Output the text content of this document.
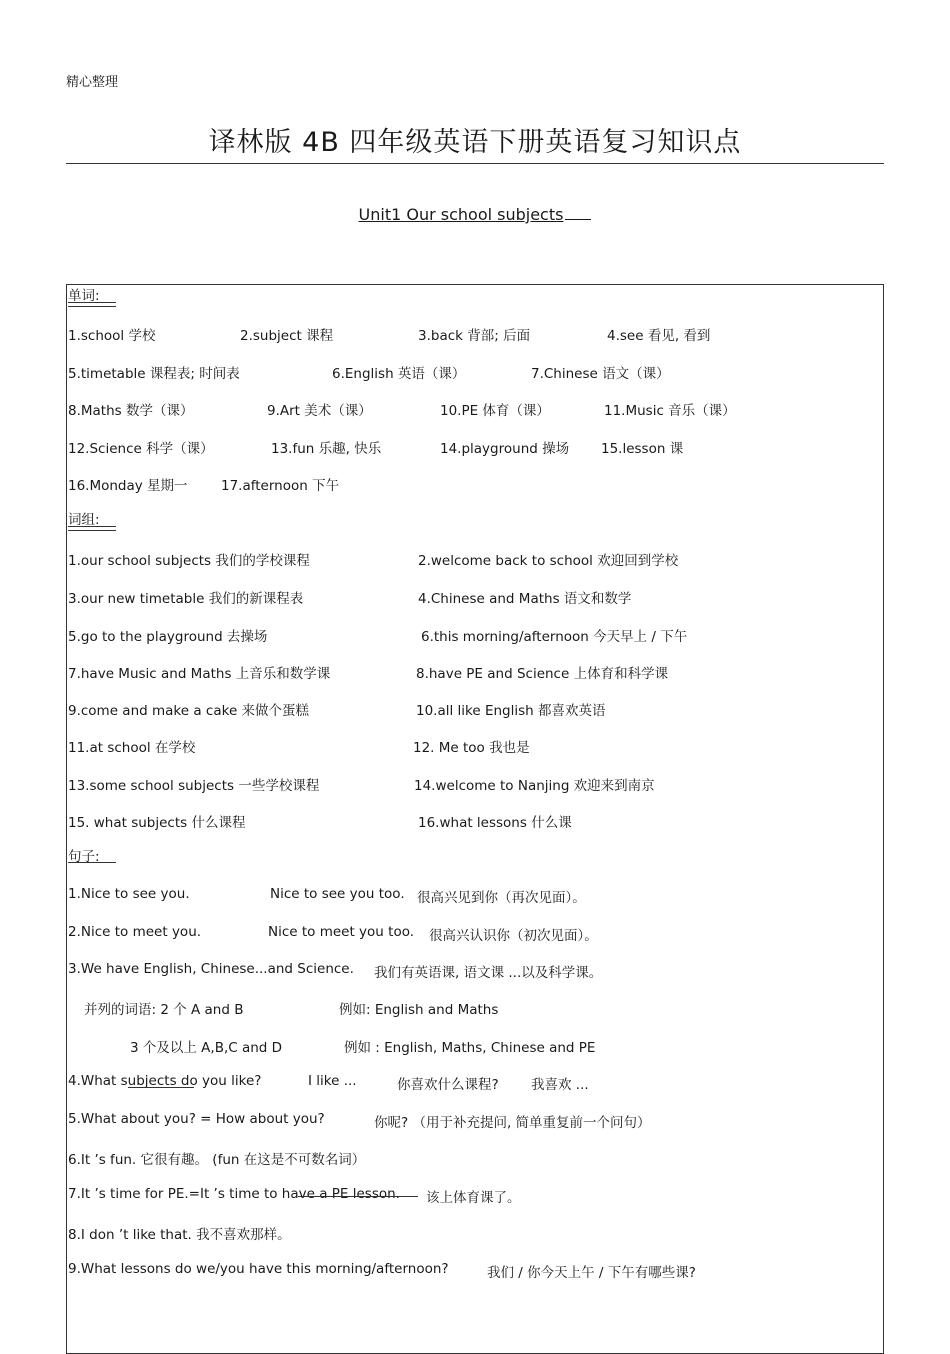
精心整理
译林版 4B 四年级英语下册英语复习知识点
Unit1 Our school subjects
单词:
1.school 学校	2.subject 课程	3.back 背部; 后面	4.see 看见, 看到
5.timetable 课程表; 时间表	6.English 英语（课）	7.Chinese 语文（课）
8.Maths 数学（课）	9.Art 美术（课）	10.PE 体育（课）	11.Music 音乐（课）
12.Science 科学（课）	13.fun 乐趣, 快乐	14.playground 操场 15.lesson 课
16.Monday 星期一 17.afternoon 下午
词组:
1.our school subjects 我们的学校课程	2.welcome back to school 欢迎回到学校
3.our new timetable 我们的新课程表	4.Chinese and Maths 语文和数学
5.go to the playground 去操场	6.this morning/afternoon 今天早上 / 下午
7.have Music and Maths 上音乐和数学课	8.have PE and Science 上体育和科学课
9.come and make a cake 来做个蛋糕	10.all like English 都喜欢英语
11.at school 在学校	12. Me too 我也是
13.some school subjects 一些学校课程	14.welcome to Nanjing 欢迎来到南京
15. what subjects 什么课程	16.what lessons 什么课
句子:
1.Nice to see you.	Nice to see you too. 很高兴见到你（再次见面）。
2.Nice to meet you.	Nice to meet you too. 很高兴认识你（初次见面）。
3.We have English, Chinese...and Science. 我们有英语课, 语文课 ...以及科学课。
并列的词语: 2 个 A and B	例如: English and Maths
3 个及以上 A,B,C and D	例如 : English, Maths, Chinese and PE
4.What subjects do you like?	I like ...	你喜欢什么课程? 我喜欢 ...
5.What about you? = How about you?	你呢? （用于补充提问, 简单重复前一个问句）
6.It ’s fun. 它很有趣。 (fun 在这是不可数名词）
7.It ’s time for PE.=It ’s time to have a PE lesson. 该上体育课了。
8.I don ’t like that. 我不喜欢那样。
9.What lessons do we/you have this morning/afternoon?	我们 / 你今天上午 / 下午有哪些课?
